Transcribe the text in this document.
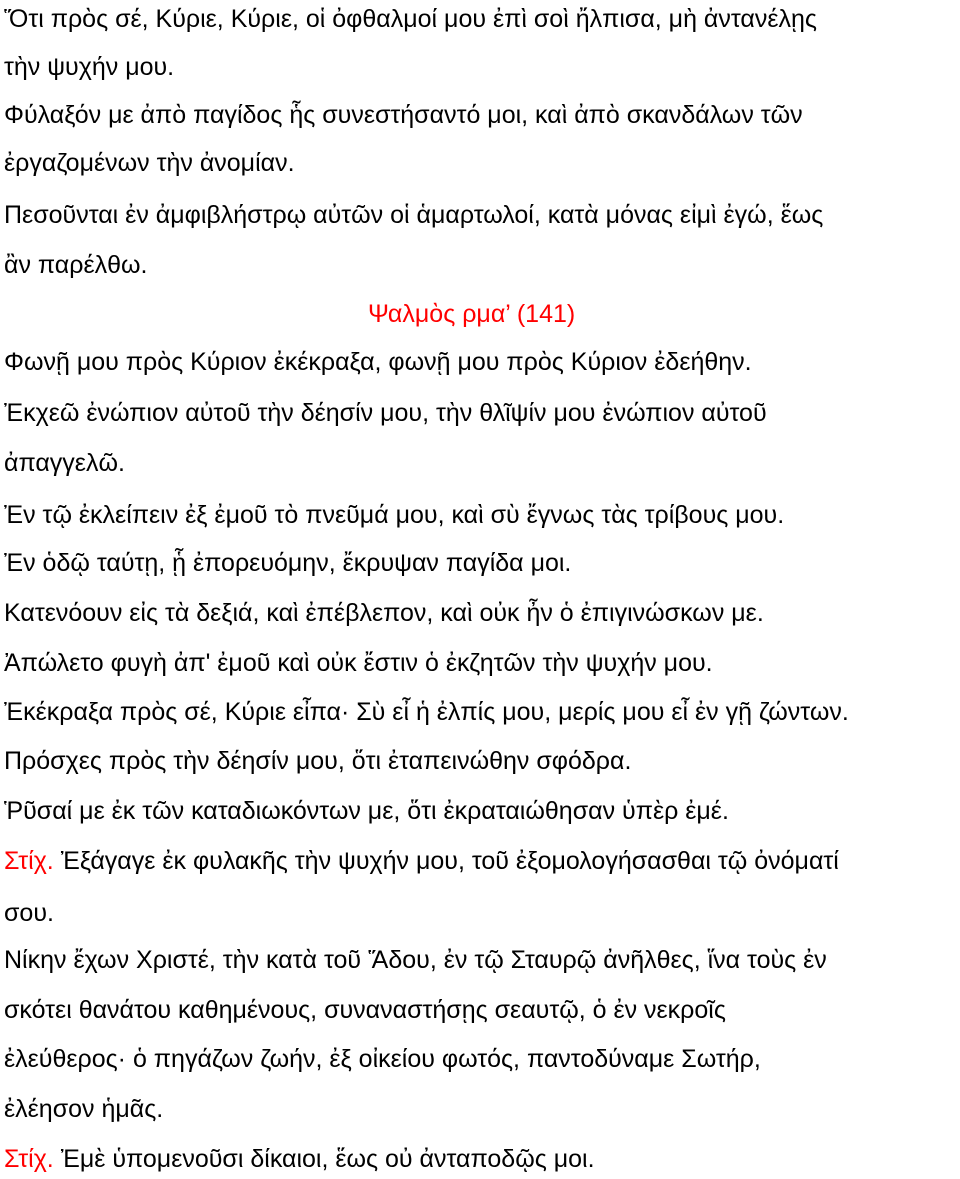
Ὅτι πρὸς σέ, Κύριε, Κύριε, οἱ ὀφθαλμοί μου ἐπὶ σοὶ ἤλπισα, μὴ ἀντανέλῃς
τὴν ψυχήν μου.
Φύλαξόν με ἀπὸ παγίδος ἧς συνεστήσαντό μοι, καὶ ἀπὸ σκανδάλων τῶν
ἐργαζομένων τὴν ἀνομίαν.
Πεσοῦνται ἐν ἀμφιβλήστρῳ αὐτῶν οἱ ἁμαρτωλοί, κατὰ μόνας εἰμὶ ἐγώ, ἕως
ἂν παρέλθω.
Ψαλμὸς ρμα’ (141)
Φωνῇ μου πρὸς Κύριον ἐκέκραξα, φωνῇ μου πρὸς Κύριον ἐδεήθην.
Ἐκχεῶ ἐνώπιον αὐτοῦ τὴν δέησίν μου, τὴν θλῖψίν μου ἐνώπιον αὐτοῦ
ἀπαγγελῶ.
Ἐν τῷ ἐκλείπειν ἐξ ἐμοῦ τὸ πνεῦμά μου, καὶ σὺ ἔγνως τὰς τρίβους μου.
Ἐν ὁδῷ ταύτῃ, ᾗ ἐπορευόμην, ἔκρυψαν παγίδα μοι.
Κατενόουν εἰς τὰ δεξιά, καὶ ἐπέβλεπον, καὶ οὐκ ἦν ὁ ἐπιγινώσκων με.
Ἀπώλετο φυγὴ ἀπ' ἐμοῦ καὶ οὐκ ἔστιν ὁ ἐκζητῶν τὴν ψυχήν μου.
Ἐκέκραξα πρὸς σέ, Κύριε εἶπα· Σὺ εἶ ἡ ἐλπίς μου, μερίς μου εἶ ἐν γῇ ζώντων.
Πρόσχες πρὸς τὴν δέησίν μου, ὅτι ἐταπεινώθην σφόδρα.
Ῥῦσαί με ἐκ τῶν καταδιωκόντων με, ὅτι ἐκραταιώθησαν ὑπὲρ ἐμέ.
Στίχ. Ἐξάγαγε ἐκ φυλακῆς τὴν ψυχήν μου, τοῦ ἐξομολογήσασθαι τῷ ὀνόματί
σου.
Νίκην ἔχων Χριστέ, τὴν κατὰ τοῦ Ἅδου, ἐν τῷ Σταυρῷ ἀνῆλθες, ἵνα τοὺς ἐν
σκότει θανάτου καθημένους, συναναστήσῃς σεαυτῷ, ὁ ἐν νεκροῖς
ἐλεύθερος· ὁ πηγάζων ζωήν, ἐξ οἰκείου φωτός, παντοδύναμε Σωτήρ,
ἐλέησον ἡμᾶς.
Στίχ. Ἐμὲ ὑπομενοῦσι δίκαιοι, ἕως οὐ ἀνταποδῷς μοι.
